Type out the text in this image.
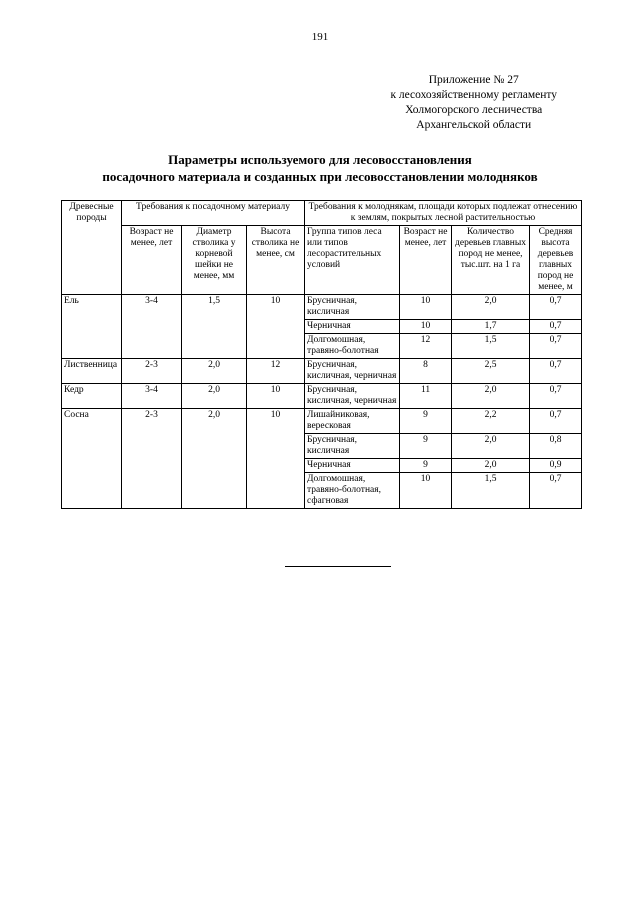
191
Приложение № 27
к лесохозяйственному регламенту
Холмогорского лесничества
Архангельской области
Параметры используемого для лесовосстановления
посадочного материала и созданных при лесовосстановлении молодняков
Древесные породы	Требования к посадочному материалу			Требования к молоднякам, площади которых подлежат отнесению к землям, покрытых лесной растительностью			
	Возраст не менее, лет	Диаметр стволика у корневой шейки не менее, мм	Высота стволика не менее, см	Группа типов леса или типов лесорастительных условий	Возраст не менее, лет	Количество деревьев главных пород не менее, тыс.шт. на 1 га	Средняя высота деревьев главных пород не менее, м
Ель	3-4	1,5	10	Брусничная, кисличная	10	2,0	0,7
				Черничная	10	1,7	0,7
				Долгомошная, травяно-болотная	12	1,5	0,7
Лиственница	2-3	2,0	12	Брусничная, кисличная, черничная	8	2,5	0,7
Кедр	3-4	2,0	10	Брусничная, кисличная, черничная	11	2,0	0,7
Сосна	2-3	2,0	10	Лишайниковая, вересковая	9	2,2	0,7
				Брусничная, кисличная	9	2,0	0,8
				Черничная	9	2,0	0,9
				Долгомошная, травяно-болотная, сфагновая	10	1,5	0,7
